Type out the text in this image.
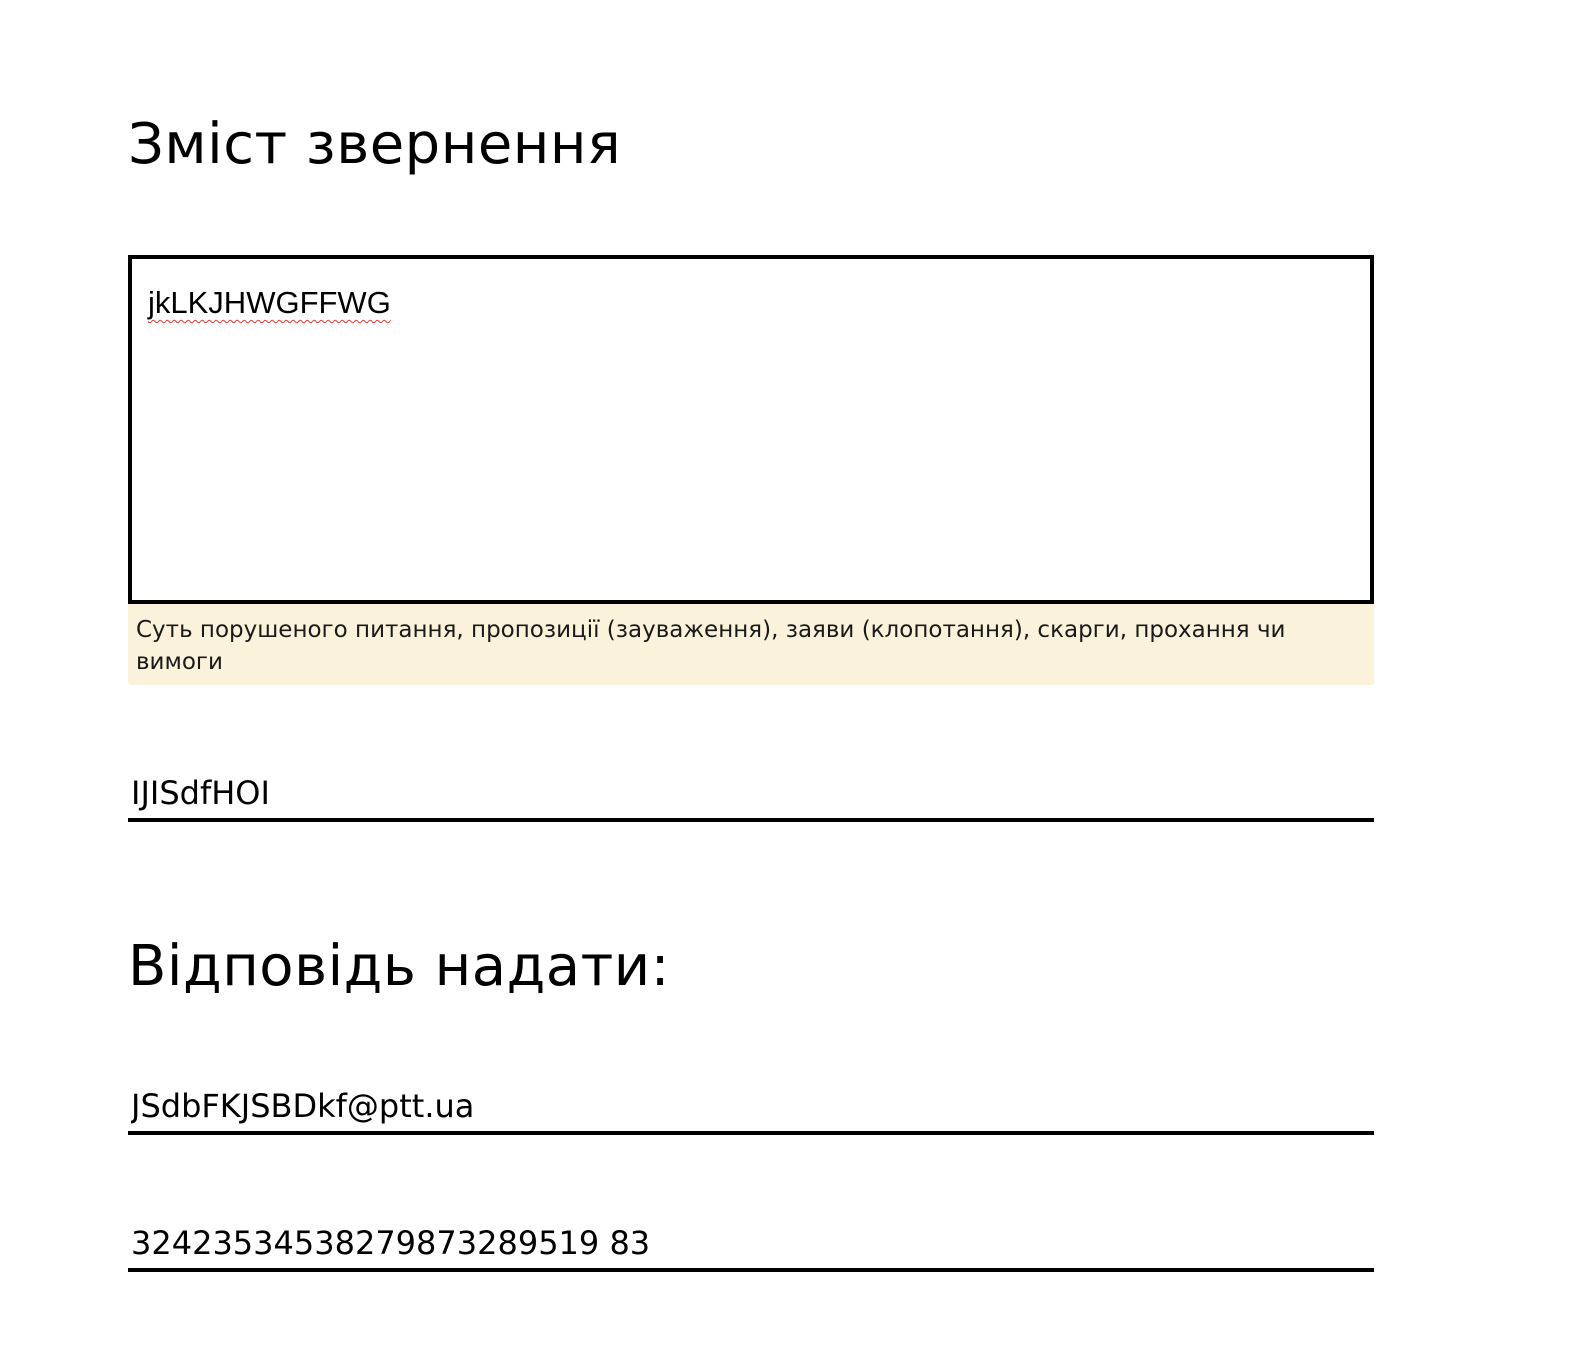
Зміст звернення
jkLKJHWGFFWG
Суть порушеного питання, пропозиції (зауваження), заяви (клопотання), скарги, прохання чи вимоги
IJISdfHOI
Відповідь надати:
JSdbFKJSBDkf@ptt.ua
32423534538279873289519 83
